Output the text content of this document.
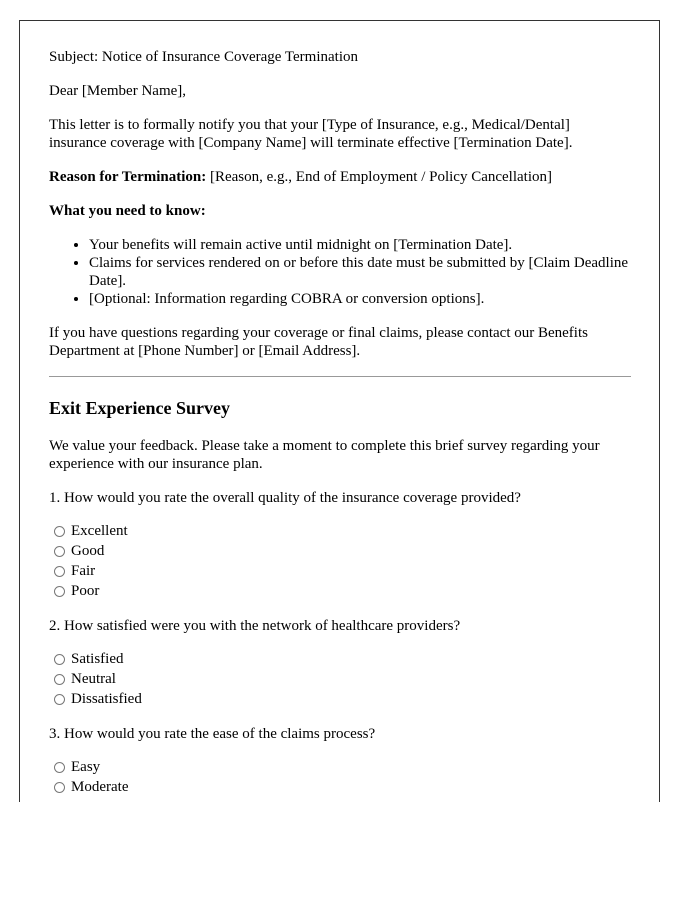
Subject: Notice of Insurance Coverage Termination

Dear [Member Name],

This letter is to formally notify you that your [Type of Insurance, e.g., Medical/Dental] insurance coverage with [Company Name] will terminate effective [Termination Date].

Reason for Termination: [Reason, e.g., End of Employment / Policy Cancellation]

What you need to know:

• Your benefits will remain active until midnight on [Termination Date].
• Claims for services rendered on or before this date must be submitted by [Claim Deadline Date].
• [Optional: Information regarding COBRA or conversion options].

If you have questions regarding your coverage or final claims, please contact our Benefits Department at [Phone Number] or [Email Address].

Exit Experience Survey

We value your feedback. Please take a moment to complete this brief survey regarding your experience with our insurance plan.

1. How would you rate the overall quality of the insurance coverage provided?

Excellent
Good
Fair
Poor

2. How satisfied were you with the network of healthcare providers?

Satisfied
Neutral
Dissatisfied

3. How would you rate the ease of the claims process?

Easy
Moderate
